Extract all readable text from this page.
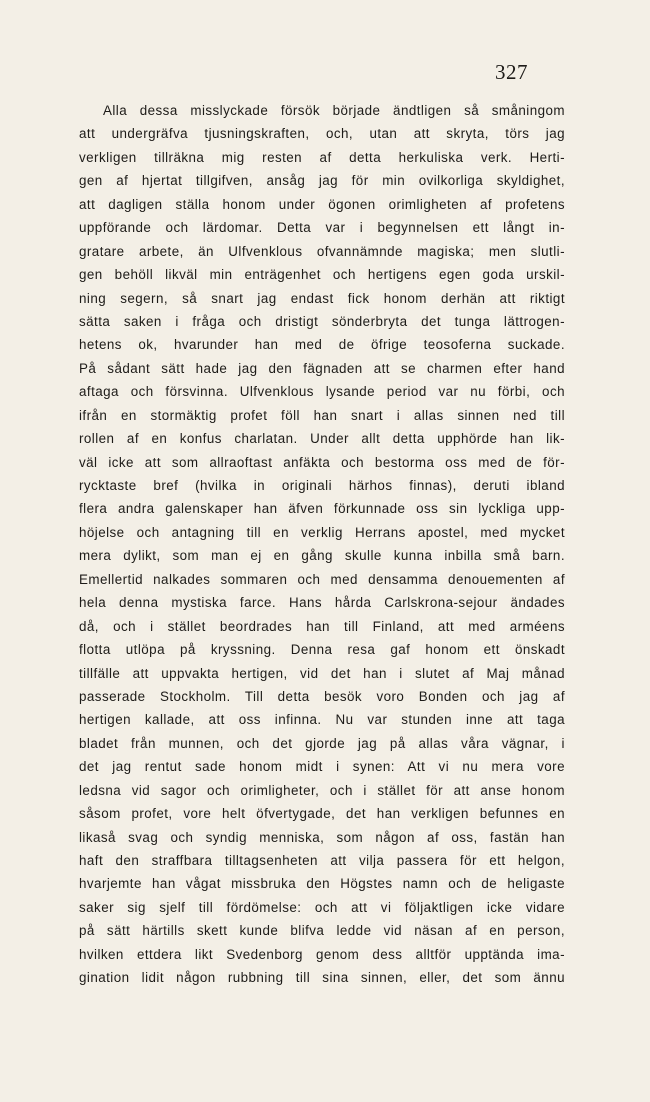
327
Alla dessa misslyckade försök började ändtligen så småningom
att undergräfva tjusningskraften, och, utan att skryta, törs jag
verkligen tillräkna mig resten af detta herkuliska verk. Herti-
gen af hjertat tillgifven, ansåg jag för min ovilkorliga skyldighet,
att dagligen ställa honom under ögonen orimligheten af profetens
uppförande och lärdomar. Detta var i begynnelsen ett långt in-
gratare arbete, än Ulfvenklous ofvannämnde magiska; men slutli-
gen behöll likväl min enträgenhet och hertigens egen goda urskil-
ning segern, så snart jag endast fick honom derhän att riktigt
sätta saken i fråga och dristigt sönderbryta det tunga lättrogen-
hetens ok, hvarunder han med de öfrige teosoferna suckade.
På sådant sätt hade jag den fägnaden att se charmen efter hand
aftaga och försvinna. Ulfvenklous lysande period var nu förbi, och
ifrån en stormäktig profet föll han snart i allas sinnen ned till
rollen af en konfus charlatan. Under allt detta upphörde han lik-
väl icke att som allraoftast anfäkta och bestorma oss med de för-
rycktaste bref (hvilka in originali härhos finnas), deruti ibland
flera andra galenskaper han äfven förkunnade oss sin lyckliga upp-
höjelse och antagning till en verklig Herrans apostel, med mycket
mera dylikt, som man ej en gång skulle kunna inbilla små barn.
Emellertid nalkades sommaren och med densamma denouementen af
hela denna mystiska farce. Hans hårda Carlskrona-sejour ändades
då, och i stället beordrades han till Finland, att med arméens
flotta utlöpa på kryssning. Denna resa gaf honom ett önskadt
tillfälle att uppvakta hertigen, vid det han i slutet af Maj månad
passerade Stockholm. Till detta besök voro Bonden och jag af
hertigen kallade, att oss infinna. Nu var stunden inne att taga
bladet från munnen, och det gjorde jag på allas våra vägnar, i
det jag rentut sade honom midt i synen: Att vi nu mera vore
ledsna vid sagor och orimligheter, och i stället för att anse honom
såsom profet, vore helt öfvertygade, det han verkligen befunnes en
likaså svag och syndig menniska, som någon af oss, fastän han
haft den straffbara tilltagsenheten att vilja passera för ett helgon,
hvarjemte han vågat missbruka den Högstes namn och de heligaste
saker sig sjelf till fördömelse: och att vi följaktligen icke vidare
på sätt härtills skett kunde blifva ledde vid näsan af en person,
hvilken ettdera likt Svedenborg genom dess alltför upptända ima-
gination lidit någon rubbning till sina sinnen, eller, det som ännu
